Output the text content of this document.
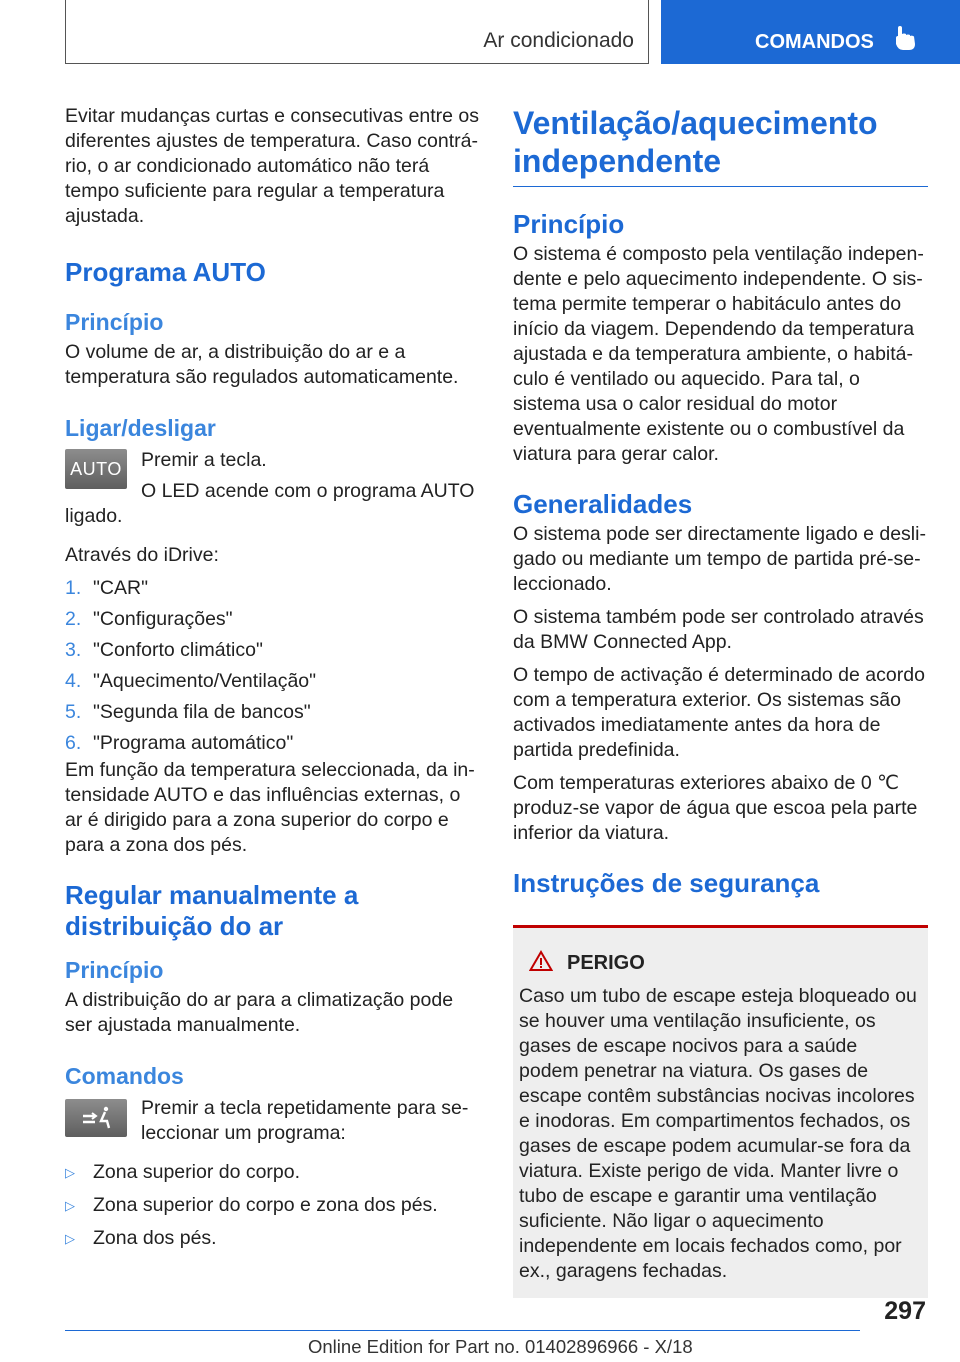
Ar condicionado	COMANDOS

Evitar mudanças curtas e consecutivas entre os diferentes ajustes de temperatura. Caso contrário, o ar condicionado automático não terá tempo suficiente para regular a temperatura ajustada.

Programa AUTO
Princípio

O volume de ar, a distribuição do ar e a temperatura são regulados automaticamente.

Ligar/desligar
AUTO Premir a tecla.

O LED acende com o programa AUTO ligado.

Através do iDrive:

1. "CAR"
2. "Configurações"
3. "Conforto climático"
4. "Aquecimento/Ventilação"
5. "Segunda fila de bancos"
6. "Programa automático"

Em função da temperatura seleccionada, da intensidade AUTO e das influências externas, o ar é dirigido para a zona superior do corpo e para a zona dos pés.

Regular manualmente a distribuição do ar
Princípio

A distribuição do ar para a climatização pode ser ajustada manualmente.

Comandos

Premir a tecla repetidamente para seleccionar um programa:

▷ Zona superior do corpo.
▷ Zona superior do corpo e zona dos pés.
▷ Zona dos pés.
Ventilação/aquecimento independente
Princípio

O sistema é composto pela ventilação independente e pelo aquecimento independente. O sistema permite temperar o habitáculo antes do início da viagem. Dependendo da temperatura ajustada e da temperatura ambiente, o habitáculo é ventilado ou aquecido. Para tal, o sistema usa o calor residual do motor eventualmente existente ou o combustível da viatura para gerar calor.

Generalidades

O sistema pode ser directamente ligado e desligado ou mediante um tempo de partida pré-seleccionado.

O sistema também pode ser controlado através da BMW Connected App.

O tempo de activação é determinado de acordo com a temperatura exterior. Os sistemas são activados imediatamente antes da hora de partida predefinida.

Com temperaturas exteriores abaixo de 0 ℃ produz-se vapor de água que escoa pela parte inferior da viatura.

Instruções de segurança
PERIGO

Caso um tubo de escape esteja bloqueado ou se houver uma ventilação insuficiente, os gases de escape nocivos para a saúde podem penetrar na viatura. Os gases de escape contêm substâncias nocivas incolores e inodoras. Em compartimentos fechados, os gases de escape podem acumular-se fora da viatura. Existe perigo de vida. Manter livre o tubo de escape e garantir uma ventilação suficiente. Não ligar o aquecimento independente em locais fechados como, por ex., garagens fechadas.

297
Online Edition for Part no. 01402896966 - X/18
